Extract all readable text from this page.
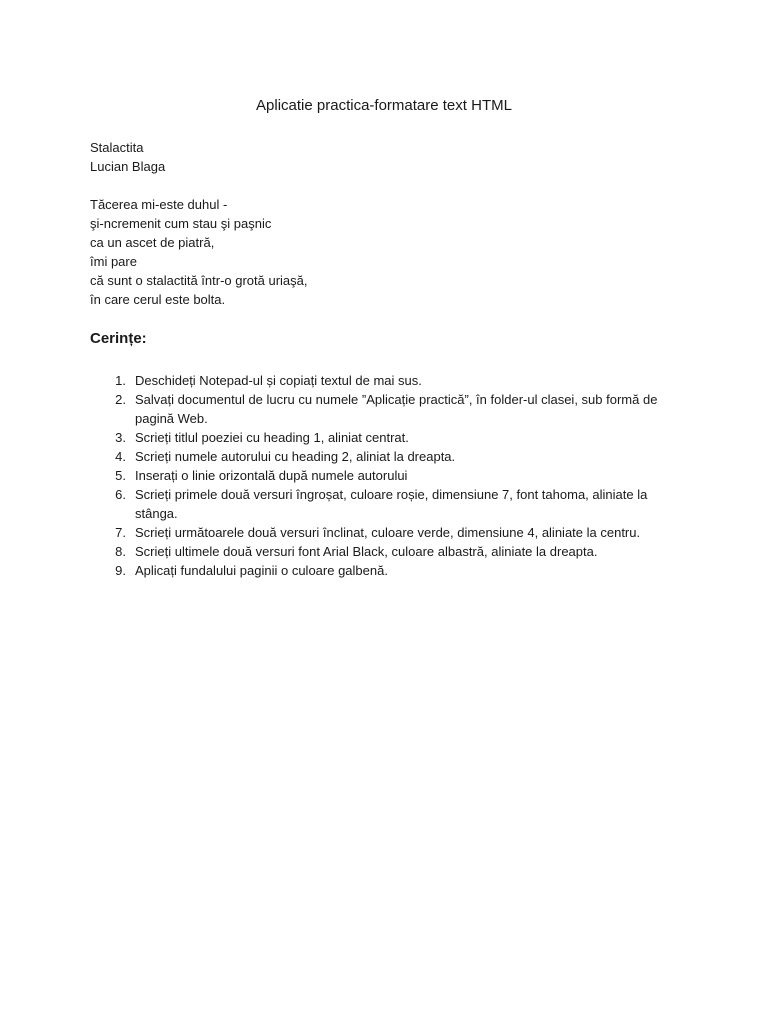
Aplicatie practica-formatare text HTML
Stalactita
Lucian Blaga
Tăcerea mi-este duhul -
şi-ncremenit cum stau şi paşnic
ca un ascet de piatră,
îmi pare
că sunt o stalactită într-o grotă uriaşă,
în care cerul este bolta.
Cerințe:
1 . Deschideți Notepad-ul și copiați textul de mai sus.
2 . Salvați documentul de lucru cu numele ”Aplicație practică”, în folder-ul clasei, sub formă de pagină Web.
3 . Scrieți titlul poeziei cu heading 1, aliniat centrat.
4 . Scrieți numele autorului cu heading 2, aliniat la dreapta.
5 . Inserați o linie orizontală după numele autorului
6 . Scrieți primele două versuri îngroșat, culoare roșie, dimensiune 7, font tahoma, aliniate la stânga.
7 . Scrieți următoarele două versuri înclinat, culoare verde, dimensiune 4, aliniate la centru.
8 . Scrieți ultimele două versuri font Arial Black, culoare albastră, aliniate la dreapta.
9 . Aplicați fundalului paginii o culoare galbenă.
